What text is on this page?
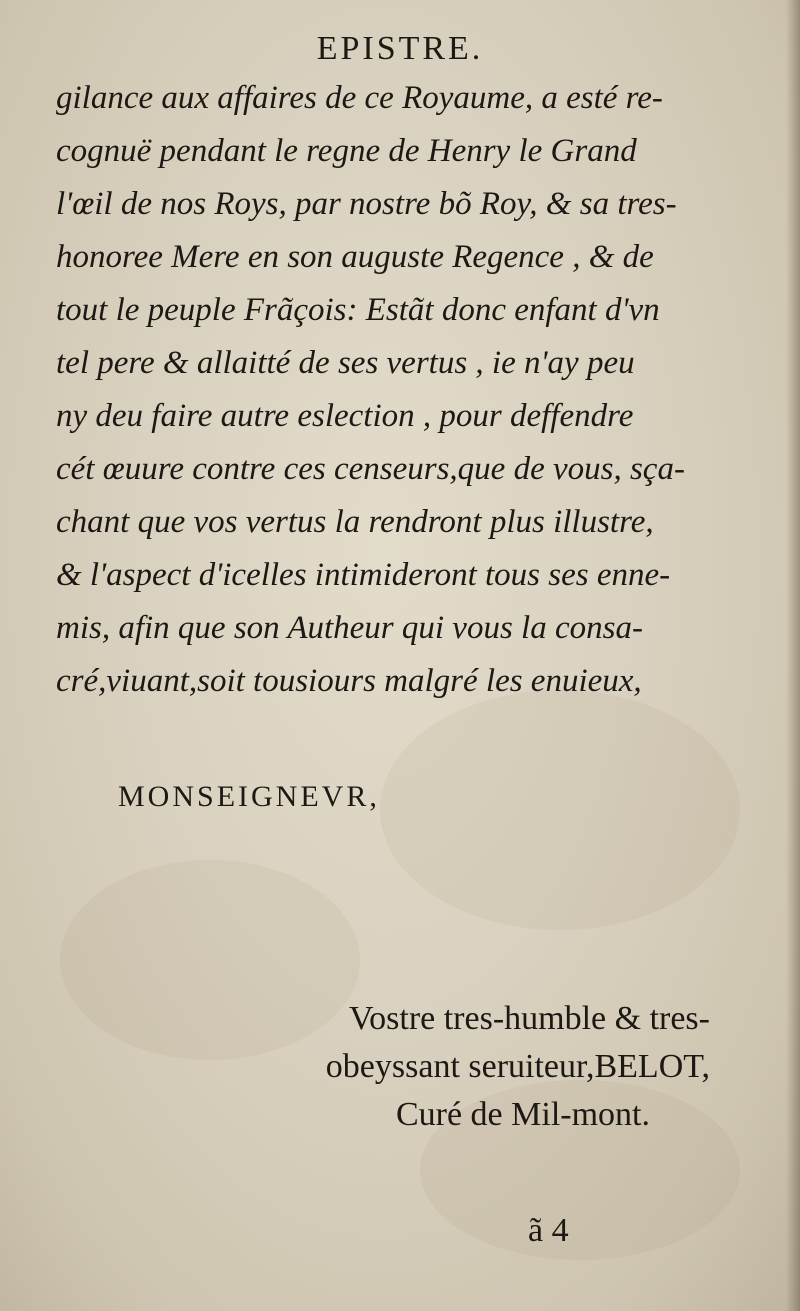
EPISTRE.
gilance aux affaires de ce Royaume, a esté re-
cognuë pendant le regne de Henry le Grand
l'œil de nos Roys, par nostre bõ Roy, & sa tres-
honoree Mere en son auguste Regence , & de
tout le peuple Frãçois: Estãt donc enfant d'vn
tel pere & allaitté de ses vertus , ie n'ay peu
ny deu faire autre eslection , pour deffendre
cét œuure contre ces censeurs,que de vous, sça-
chant que vos vertus la rendront plus illustre,
& l'aspect d'icelles intimideront tous ses enne-
mis, afin que son Autheur qui vous la consa-
cré,viuant,soit tousiours malgré les enuieux,
MONSEIGNEVR,
Vostre tres-humble & tres-
obeyssant seruiteur,BELOT,
Curé de Mil-mont.
ã 4
